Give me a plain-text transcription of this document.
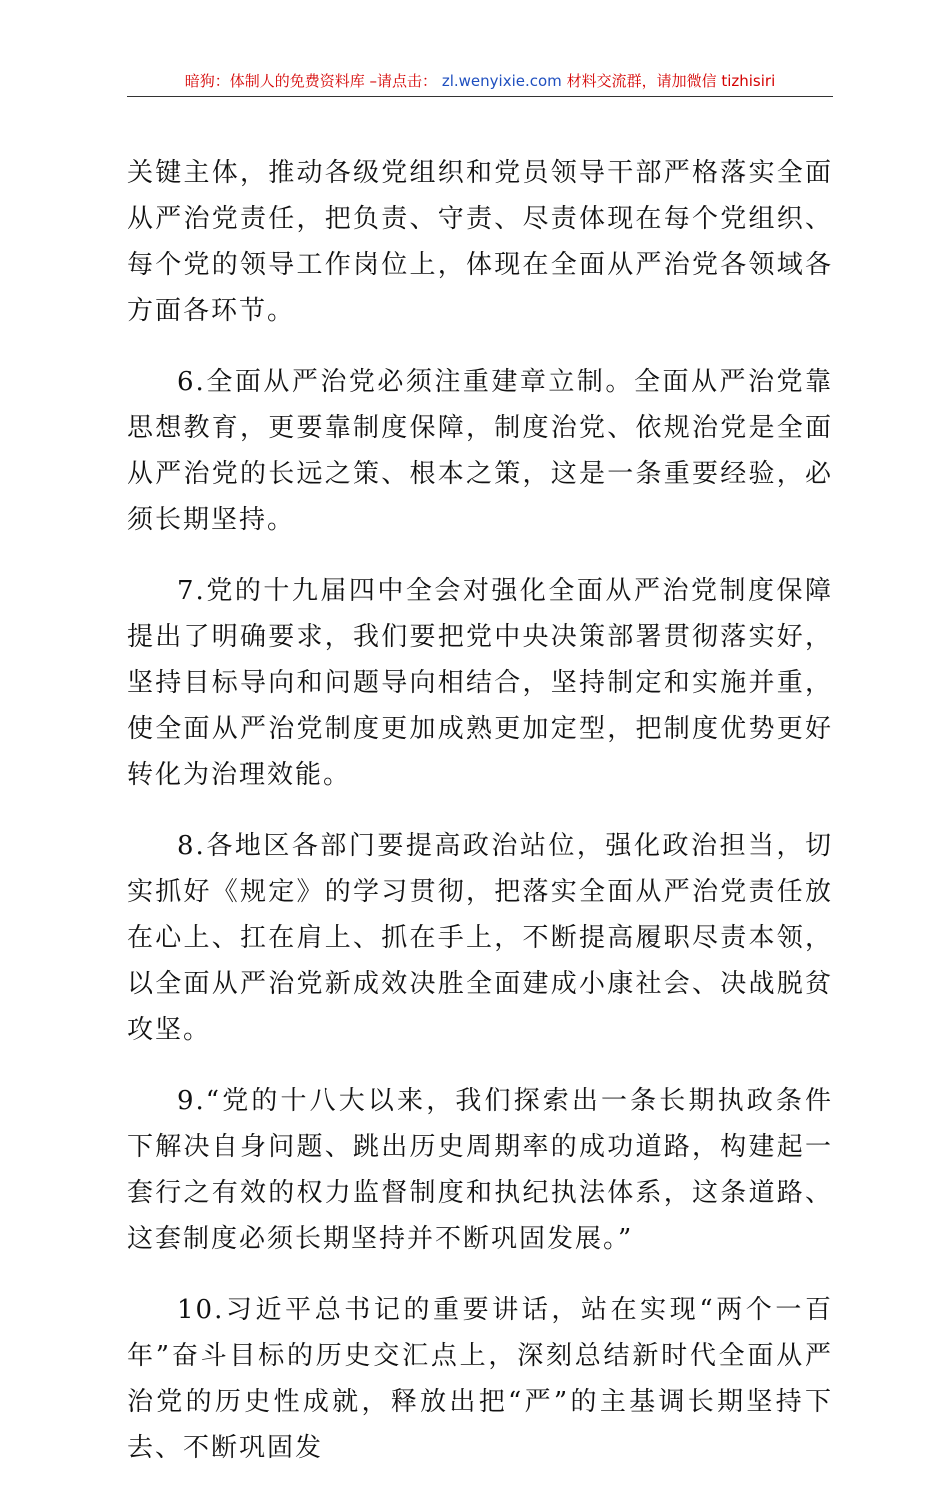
暗狗：体制人的免费资料库 –请点击： zl.wenyixie.com 材料交流群，请加微信 tizhisiri

关键主体，推动各级党组织和党员领导干部严格落实全面从严治党责任，把负责、守责、尽责体现在每个党组织、每个党的领导工作岗位上，体现在全面从严治党各领域各方面各环节。

6.全面从严治党必须注重建章立制。全面从严治党靠思想教育，更要靠制度保障，制度治党、依规治党是全面从严治党的长远之策、根本之策，这是一条重要经验，必须长期坚持。

7.党的十九届四中全会对强化全面从严治党制度保障提出了明确要求，我们要把党中央决策部署贯彻落实好，坚持目标导向和问题导向相结合，坚持制定和实施并重，使全面从严治党制度更加成熟更加定型，把制度优势更好转化为治理效能。

8.各地区各部门要提高政治站位，强化政治担当，切实抓好《规定》的学习贯彻，把落实全面从严治党责任放在心上、扛在肩上、抓在手上，不断提高履职尽责本领，以全面从严治党新成效决胜全面建成小康社会、决战脱贫攻坚。

9.“党的十八大以来，我们探索出一条长期执政条件下解决自身问题、跳出历史周期率的成功道路，构建起一套行之有效的权力监督制度和执纪执法体系，这条道路、这套制度必须长期坚持并不断巩固发展。”

10.习近平总书记的重要讲话，站在实现“两个一百年”奋斗目标的历史交汇点上，深刻总结新时代全面从严治党的历史性成就，释放出把“严”的主基调长期坚持下去、不断巩固发
